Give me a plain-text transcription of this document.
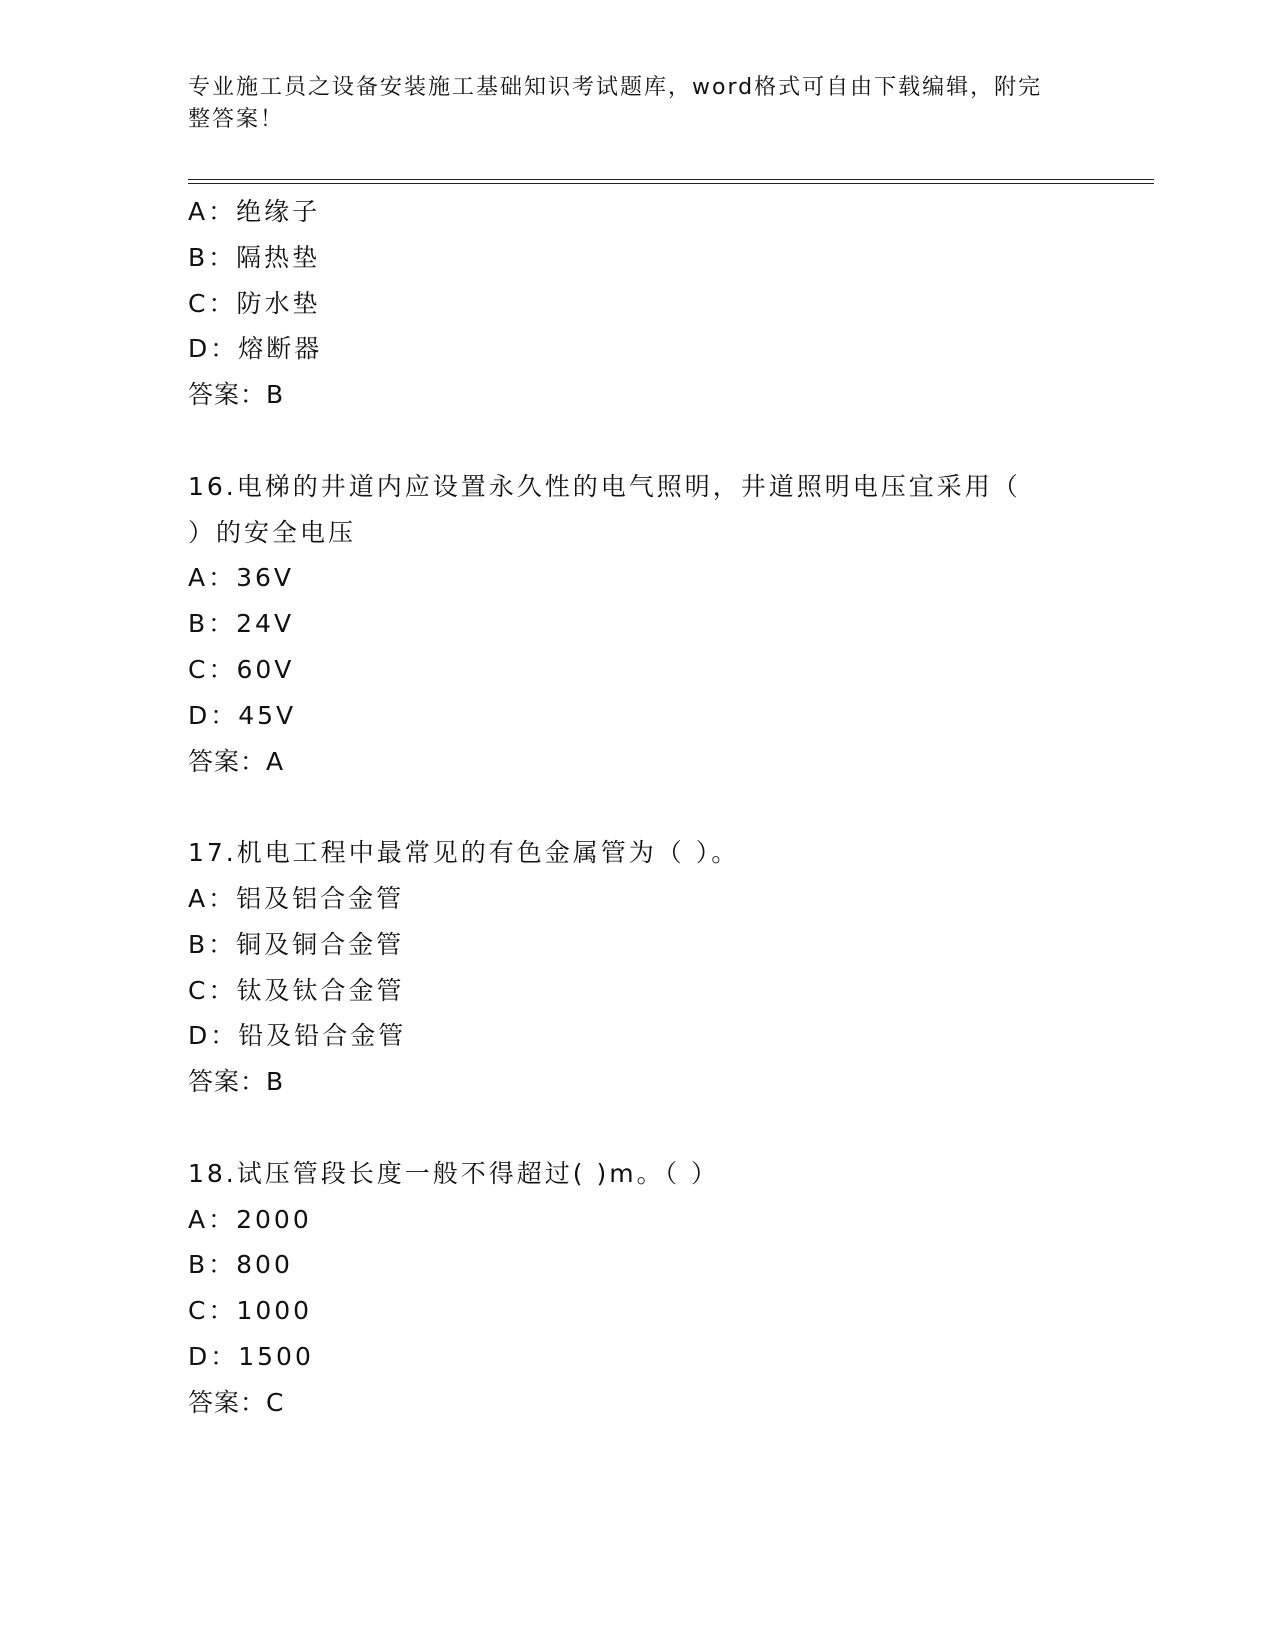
专业施工员之设备安装施工基础知识考试题库，word格式可自由下载编辑，附完
整答案！
A：绝缘子
B：隔热垫
C：防水垫
D：熔断器
答案：B
16.电梯的井道内应设置永久性的电气照明，井道照明电压宜采用（
）的安全电压
A：36V
B：24V
C：60V
D：45V
答案：A
17.机电工程中最常见的有色金属管为（ ）。
A：铝及铝合金管
B：铜及铜合金管
C：钛及钛合金管
D：铅及铅合金管
答案：B
18.试压管段长度一般不得超过( )m。（ ）
A：2000
B：800
C：1000
D：1500
答案：C
